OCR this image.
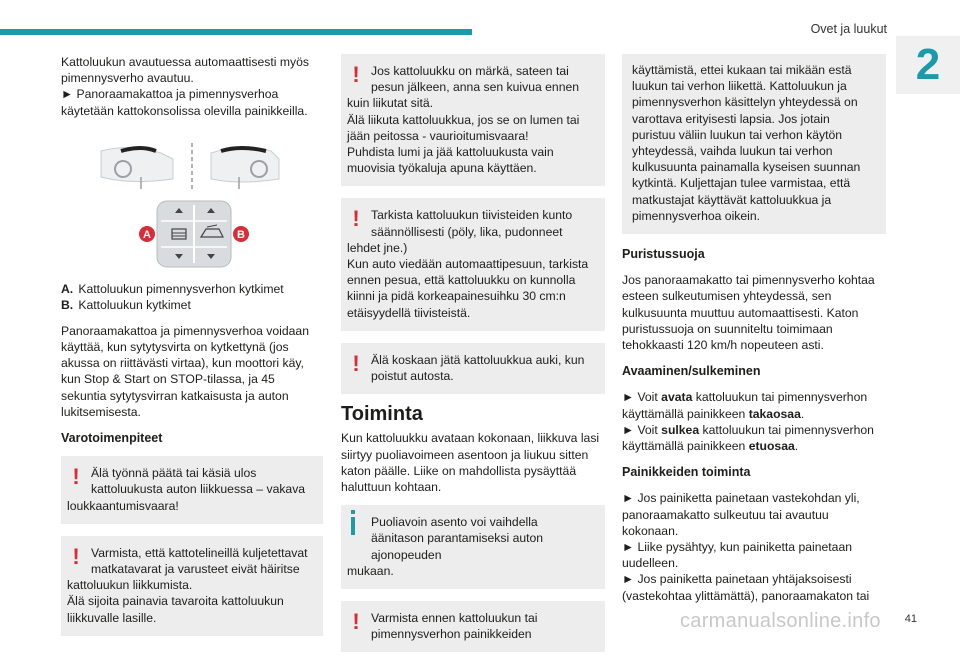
Ovet ja luukut
2

Kattoluukun avautuessa automaattisesti myös pimennysverho avautuu.

► Panoraamakattoa ja pimennysverhoa käytetään kattokonsolissa olevilla painikkeilla.

A	B
A. Kattoluukun pimennysverhon kytkimet
B. Kattoluukun kytkimet

Panoraamakattoa ja pimennysverhoa voidaan käyttää, kun sytytysvirta on kytkettynä (jos akussa on riittävästi virtaa), kun moottori käy, kun Stop & Start on STOP-tilassa, ja 45 sekuntia sytytysvirran katkaisusta ja auton lukitsemisesta.

Varotoimenpiteet
! Älä työnnä päätä tai käsiä ulos kattoluukusta auton liikkuessa – vakava
loukkaantumisvaara!
! Varmista, että kattotelineillä kuljetettavat matkatavarat ja varusteet eivät häiritse
kattoluukun liikkumista.
Älä sijoita painavia tavaroita kattoluukun liikkuvalle lasille.
! Jos kattoluukku on märkä, sateen tai pesun jälkeen, anna sen kuivua ennen
kuin liikutat sitä.
Älä liikuta kattoluukkua, jos se on lumen tai jään peitossa - vaurioitumisvaara!
Puhdista lumi ja jää kattoluukusta vain muovisia työkaluja apuna käyttäen.
! Tarkista kattoluukun tiivisteiden kunto säännöllisesti (pöly, lika, pudonneet
lehdet jne.)
Kun auto viedään automaattipesuun, tarkista ennen pesua, että kattoluukku on kunnolla kiinni ja pidä korkeapainesuihku 30 cm:n etäisyydellä tiivisteistä.
! Älä koskaan jätä kattoluukkua auki, kun poistut autosta.
Toiminta

Kun kattoluukku avataan kokonaan, liikkuva lasi siirtyy puoliavoimeen asentoon ja liukuu sitten katon päälle. Liike on mahdollista pysäyttää haluttuun kohtaan.

Puoliavoin asento voi vaihdella äänitason parantamiseksi auton ajonopeuden
mukaan.
! Varmista ennen kattoluukun tai pimennysverhon painikkeiden
käyttämistä, ettei kukaan tai mikään estä luukun tai verhon liikettä. Kattoluukun ja pimennysverhon käsittelyn yhteydessä on varottava erityisesti lapsia. Jos jotain puristuu väliin luukun tai verhon käytön yhteydessä, vaihda luukun tai verhon kulkusuunta painamalla kyseisen suunnan kytkintä. Kuljettajan tulee varmistaa, että matkustajat käyttävät kattoluukkua ja pimennysverhoa oikein.
Puristussuoja

Jos panoraamakatto tai pimennysverho kohtaa esteen sulkeutumisen yhteydessä, sen kulkusuunta muuttuu automaattisesti. Katon puristussuoja on suunniteltu toimimaan tehokkaasti 120 km/h nopeuteen asti.

Avaaminen/sulkeminen

► Voit avata kattoluukun tai pimennysverhon käyttämällä painikkeen takaosaa.

► Voit sulkea kattoluukun tai pimennysverhon käyttämällä painikkeen etuosaa.

Painikkeiden toiminta

► Jos painiketta painetaan vastekohdan yli, panoraamakatto sulkeutuu tai avautuu kokonaan.

► Liike pysähtyy, kun painiketta painetaan uudelleen.

► Jos painiketta painetaan yhtäjaksoisesti (vastekohtaa ylittämättä), panoraamakaton tai

carmanualsonline.info 41
